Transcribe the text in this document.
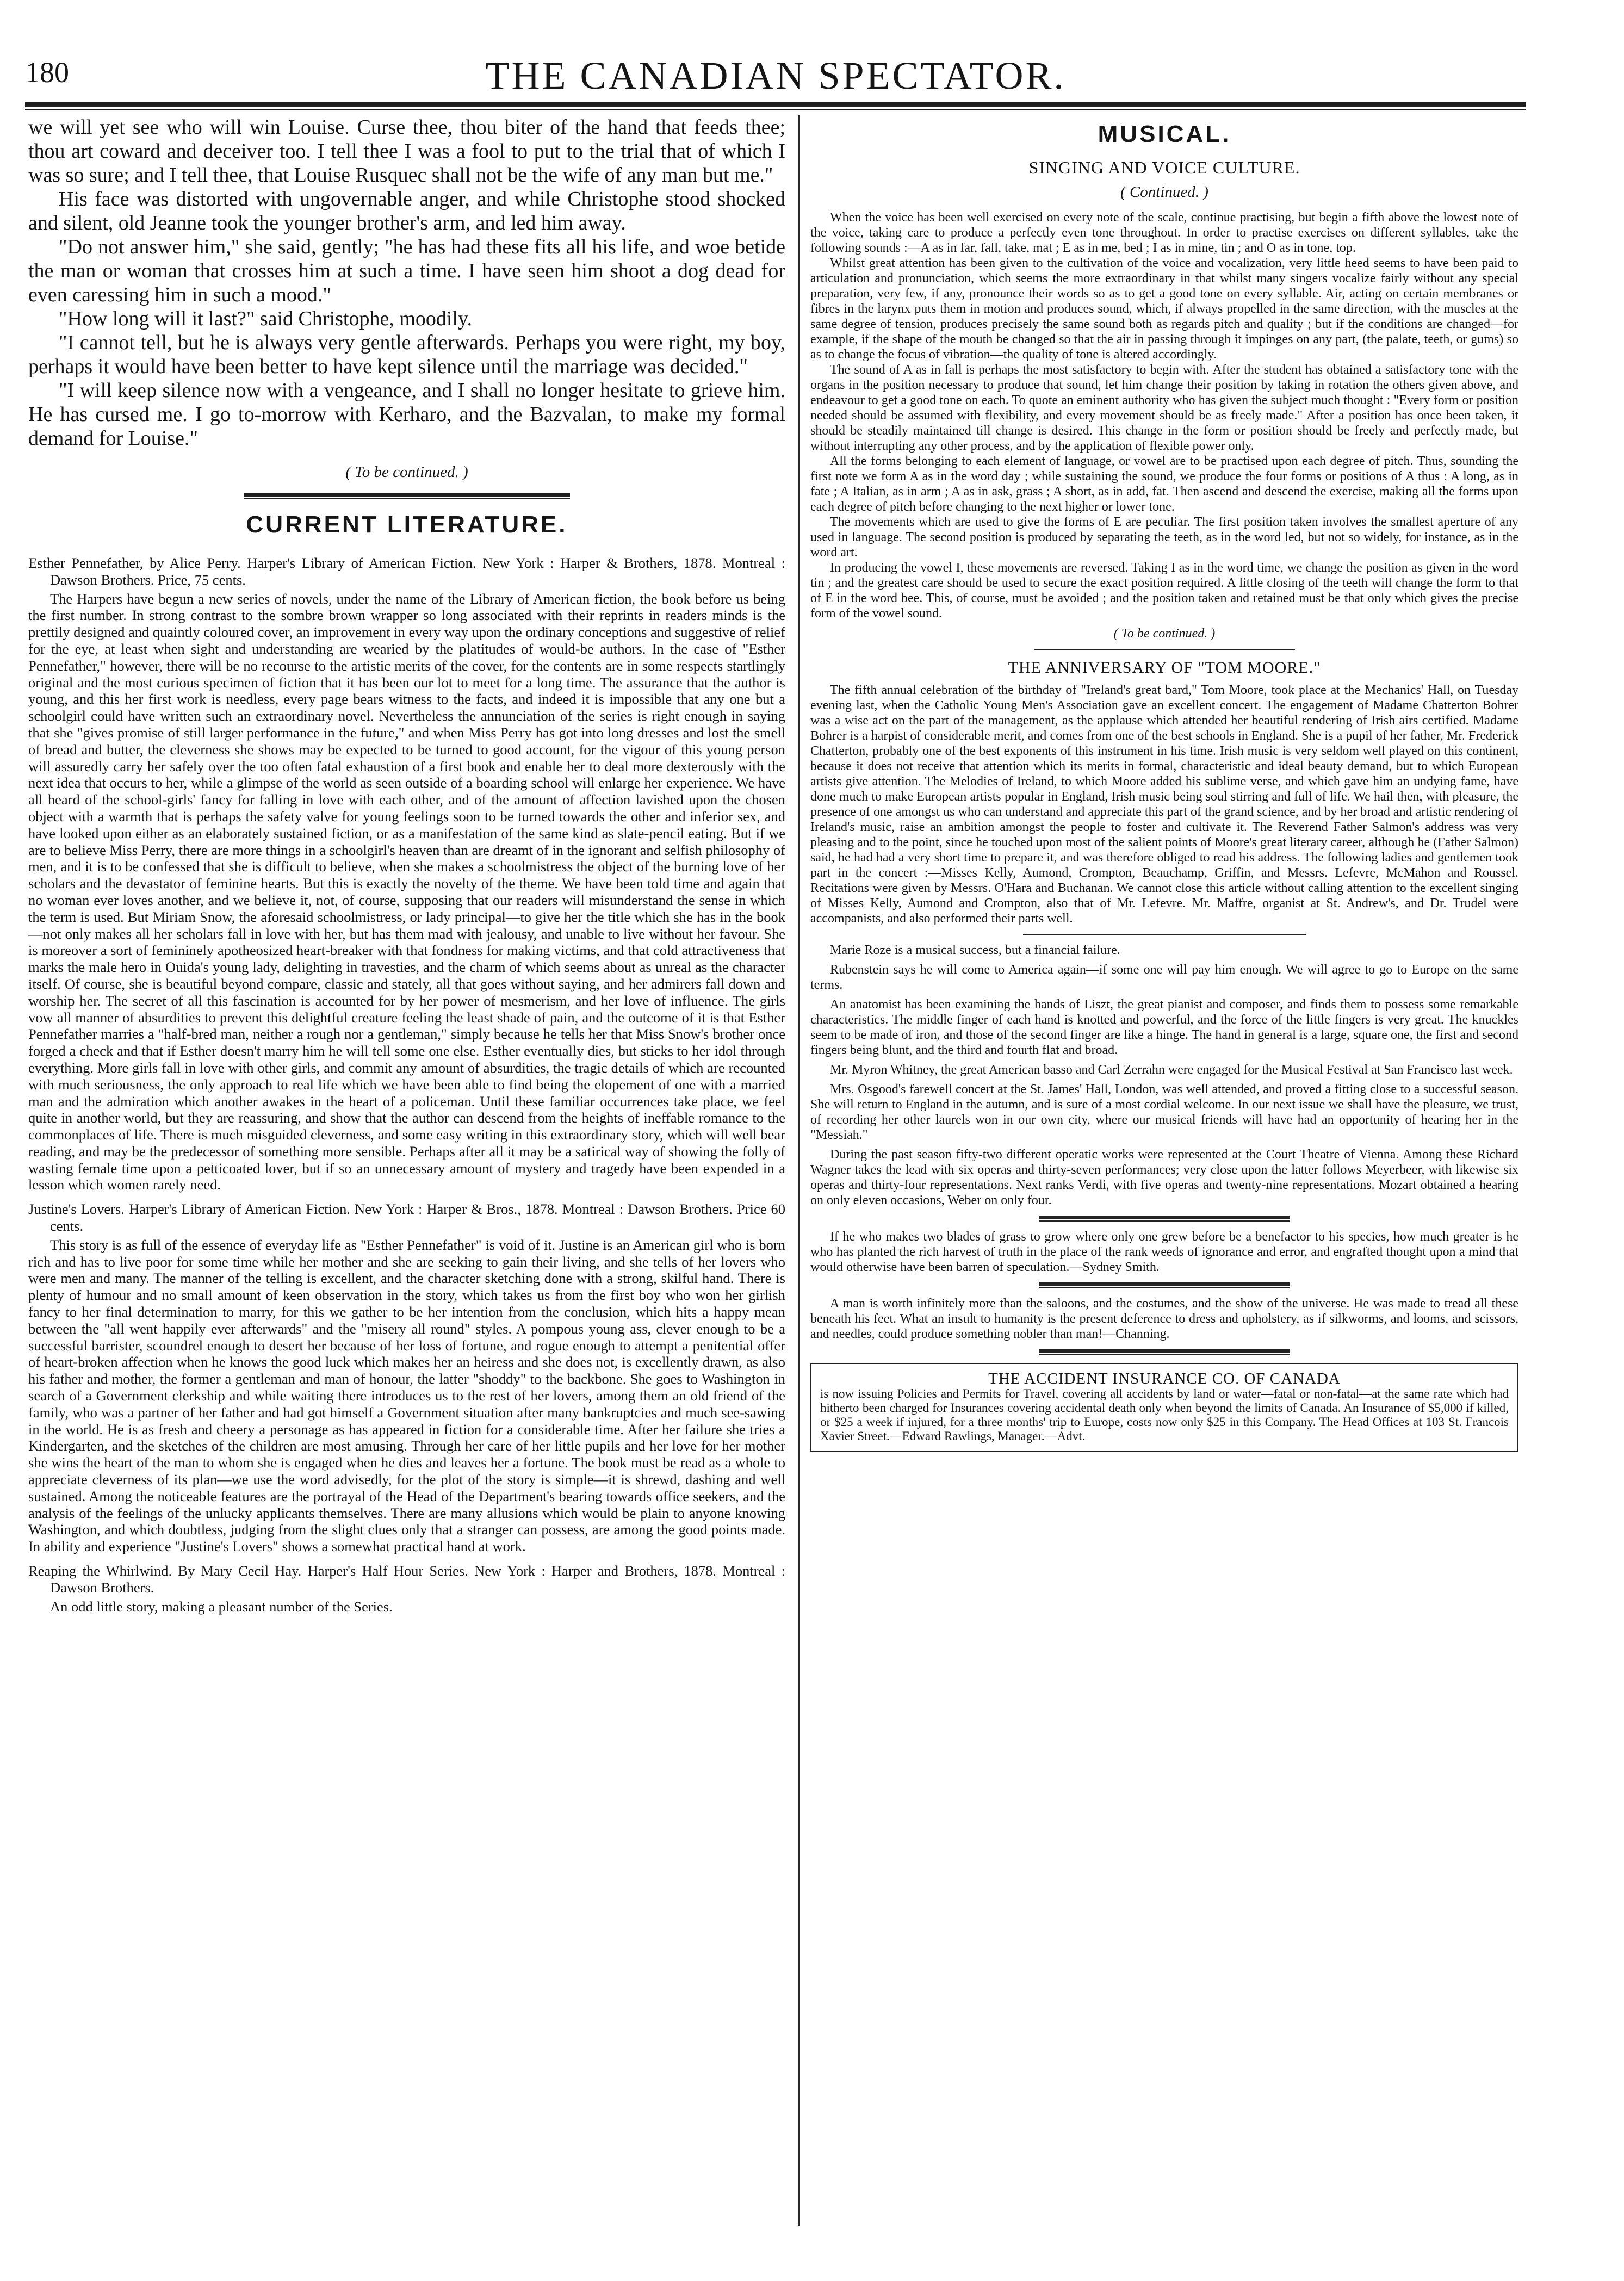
180	THE CANADIAN SPECTATOR.

we will yet see who will win Louise. Curse thee, thou biter of the hand that feeds thee; thou art coward and deceiver too. I tell thee I was a fool to put to the trial that of which I was so sure; and I tell thee, that Louise Rusquec shall not be the wife of any man but me."

His face was distorted with ungovernable anger, and while Christophe stood shocked and silent, old Jeanne took the younger brother's arm, and led him away.

"Do not answer him," she said, gently; "he has had these fits all his life, and woe betide the man or woman that crosses him at such a time. I have seen him shoot a dog dead for even caressing him in such a mood."

"How long will it last?" said Christophe, moodily.

"I cannot tell, but he is always very gentle afterwards. Perhaps you were right, my boy, perhaps it would have been better to have kept silence until the marriage was decided."

"I will keep silence now with a vengeance, and I shall no longer hesitate to grieve him. He has cursed me. I go to-morrow with Kerharo, and the Bazvalan, to make my formal demand for Louise."

( To be continued. )
CURRENT LITERATURE.

Esther Pennefather, by Alice Perry. Harper's Library of American Fiction. New York : Harper & Brothers, 1878. Montreal : Dawson Brothers. Price, 75 cents.

The Harpers have begun a new series of novels, under the name of the Library of American fiction, the book before us being the first number. In strong contrast to the sombre brown wrapper so long associated with their reprints in readers minds is the prettily designed and quaintly coloured cover, an improvement in every way upon the ordinary conceptions and suggestive of relief for the eye, at least when sight and understanding are wearied by the platitudes of would-be authors. In the case of "Esther Pennefather," however, there will be no recourse to the artistic merits of the cover, for the contents are in some respects startlingly original and the most curious specimen of fiction that it has been our lot to meet for a long time. The assurance that the author is young, and this her first work is needless, every page bears witness to the facts, and indeed it is impossible that any one but a schoolgirl could have written such an extraordinary novel. Nevertheless the annunciation of the series is right enough in saying that she "gives promise of still larger performance in the future," and when Miss Perry has got into long dresses and lost the smell of bread and butter, the cleverness she shows may be expected to be turned to good account, for the vigour of this young person will assuredly carry her safely over the too often fatal exhaustion of a first book and enable her to deal more dexterously with the next idea that occurs to her, while a glimpse of the world as seen outside of a boarding school will enlarge her experience. We have all heard of the school-girls' fancy for falling in love with each other, and of the amount of affection lavished upon the chosen object with a warmth that is perhaps the safety valve for young feelings soon to be turned towards the other and inferior sex, and have looked upon either as an elaborately sustained fiction, or as a manifestation of the same kind as slate-pencil eating. But if we are to believe Miss Perry, there are more things in a schoolgirl's heaven than are dreamt of in the ignorant and selfish philosophy of men, and it is to be confessed that she is difficult to believe, when she makes a schoolmistress the object of the burning love of her scholars and the devastator of feminine hearts. But this is exactly the novelty of the theme. We have been told time and again that no woman ever loves another, and we believe it, not, of course, supposing that our readers will misunderstand the sense in which the term is used. But Miriam Snow, the aforesaid schoolmistress, or lady principal—to give her the title which she has in the book—not only makes all her scholars fall in love with her, but has them mad with jealousy, and unable to live without her favour. She is moreover a sort of femininely apotheosized heart-breaker with that fondness for making victims, and that cold attractiveness that marks the male hero in Ouida's young lady, delighting in travesties, and the charm of which seems about as unreal as the character itself. Of course, she is beautiful beyond compare, classic and stately, all that goes without saying, and her admirers fall down and worship her. The secret of all this fascination is accounted for by her power of mesmerism, and her love of influence. The girls vow all manner of absurdities to prevent this delightful creature feeling the least shade of pain, and the outcome of it is that Esther Pennefather marries a "half-bred man, neither a rough nor a gentleman," simply because he tells her that Miss Snow's brother once forged a check and that if Esther doesn't marry him he will tell some one else. Esther eventually dies, but sticks to her idol through everything. More girls fall in love with other girls, and commit any amount of absurdities, the tragic details of which are recounted with much seriousness, the only approach to real life which we have been able to find being the elopement of one with a married man and the admiration which another awakes in the heart of a policeman. Until these familiar occurrences take place, we feel quite in another world, but they are reassuring, and show that the author can descend from the heights of ineffable romance to the commonplaces of life. There is much misguided cleverness, and some easy writing in this extraordinary story, which will well bear reading, and may be the predecessor of something more sensible. Perhaps after all it may be a satirical way of showing the folly of wasting female time upon a petticoated lover, but if so an unnecessary amount of mystery and tragedy have been expended in a lesson which women rarely need.

Justine's Lovers. Harper's Library of American Fiction. New York : Harper & Bros., 1878. Montreal : Dawson Brothers. Price 60 cents.

This story is as full of the essence of everyday life as "Esther Pennefather" is void of it. Justine is an American girl who is born rich and has to live poor for some time while her mother and she are seeking to gain their living, and she tells of her lovers who were men and many. The manner of the telling is excellent, and the character sketching done with a strong, skilful hand. There is plenty of humour and no small amount of keen observation in the story, which takes us from the first boy who won her girlish fancy to her final determination to marry, for this we gather to be her intention from the conclusion, which hits a happy mean between the "all went happily ever afterwards" and the "misery all round" styles. A pompous young ass, clever enough to be a successful barrister, scoundrel enough to desert her because of her loss of fortune, and rogue enough to attempt a penitential offer of heart-broken affection when he knows the good luck which makes her an heiress and she does not, is excellently drawn, as also his father and mother, the former a gentleman and man of honour, the latter "shoddy" to the backbone. She goes to Washington in search of a Government clerkship and while waiting there introduces us to the rest of her lovers, among them an old friend of the family, who was a partner of her father and had got himself a Government situation after many bankruptcies and much see-sawing in the world. He is as fresh and cheery a personage as has appeared in fiction for a considerable time. After her failure she tries a Kindergarten, and the sketches of the children are most amusing. Through her care of her little pupils and her love for her mother she wins the heart of the man to whom she is engaged when he dies and leaves her a fortune. The book must be read as a whole to appreciate cleverness of its plan—we use the word advisedly, for the plot of the story is simple—it is shrewd, dashing and well sustained. Among the noticeable features are the portrayal of the Head of the Department's bearing towards office seekers, and the analysis of the feelings of the unlucky applicants themselves. There are many allusions which would be plain to anyone knowing Washington, and which doubtless, judging from the slight clues only that a stranger can possess, are among the good points made. In ability and experience "Justine's Lovers" shows a somewhat practical hand at work.

Reaping the Whirlwind. By Mary Cecil Hay. Harper's Half Hour Series. New York : Harper and Brothers, 1878. Montreal : Dawson Brothers.

An odd little story, making a pleasant number of the Series.

MUSICAL.
SINGING AND VOICE CULTURE.
( Continued. )

When the voice has been well exercised on every note of the scale, continue practising, but begin a fifth above the lowest note of the voice, taking care to produce a perfectly even tone throughout. In order to practise exercises on different syllables, take the following sounds :—A as in far, fall, take, mat ; E as in me, bed ; I as in mine, tin ; and O as in tone, top.

Whilst great attention has been given to the cultivation of the voice and vocalization, very little heed seems to have been paid to articulation and pronunciation, which seems the more extraordinary in that whilst many singers vocalize fairly without any special preparation, very few, if any, pronounce their words so as to get a good tone on every syllable. Air, acting on certain membranes or fibres in the larynx puts them in motion and produces sound, which, if always propelled in the same direction, with the muscles at the same degree of tension, produces precisely the same sound both as regards pitch and quality ; but if the conditions are changed—for example, if the shape of the mouth be changed so that the air in passing through it impinges on any part, (the palate, teeth, or gums) so as to change the focus of vibration—the quality of tone is altered accordingly.

The sound of A as in fall is perhaps the most satisfactory to begin with. After the student has obtained a satisfactory tone with the organs in the position necessary to produce that sound, let him change their position by taking in rotation the others given above, and endeavour to get a good tone on each. To quote an eminent authority who has given the subject much thought : "Every form or position needed should be assumed with flexibility, and every movement should be as freely made." After a position has once been taken, it should be steadily maintained till change is desired. This change in the form or position should be freely and perfectly made, but without interrupting any other process, and by the application of flexible power only.

All the forms belonging to each element of language, or vowel are to be practised upon each degree of pitch. Thus, sounding the first note we form A as in the word day ; while sustaining the sound, we produce the four forms or positions of A thus : A long, as in fate ; A Italian, as in arm ; A as in ask, grass ; A short, as in add, fat. Then ascend and descend the exercise, making all the forms upon each degree of pitch before changing to the next higher or lower tone.

The movements which are used to give the forms of E are peculiar. The first position taken involves the smallest aperture of any used in language. The second position is produced by separating the teeth, as in the word led, but not so widely, for instance, as in the word art.

In producing the vowel I, these movements are reversed. Taking I as in the word time, we change the position as given in the word tin ; and the greatest care should be used to secure the exact position required. A little closing of the teeth will change the form to that of E in the word bee. This, of course, must be avoided ; and the position taken and retained must be that only which gives the precise form of the vowel sound.

( To be continued. )
THE ANNIVERSARY OF "TOM MOORE."

The fifth annual celebration of the birthday of "Ireland's great bard," Tom Moore, took place at the Mechanics' Hall, on Tuesday evening last, when the Catholic Young Men's Association gave an excellent concert. The engagement of Madame Chatterton Bohrer was a wise act on the part of the management, as the applause which attended her beautiful rendering of Irish airs certified. Madame Bohrer is a harpist of considerable merit, and comes from one of the best schools in England. She is a pupil of her father, Mr. Frederick Chatterton, probably one of the best exponents of this instrument in his time. Irish music is very seldom well played on this continent, because it does not receive that attention which its merits in formal, characteristic and ideal beauty demand, but to which European artists give attention. The Melodies of Ireland, to which Moore added his sublime verse, and which gave him an undying fame, have done much to make European artists popular in England, Irish music being soul stirring and full of life. We hail then, with pleasure, the presence of one amongst us who can understand and appreciate this part of the grand science, and by her broad and artistic rendering of Ireland's music, raise an ambition amongst the people to foster and cultivate it. The Reverend Father Salmon's address was very pleasing and to the point, since he touched upon most of the salient points of Moore's great literary career, although he (Father Salmon) said, he had had a very short time to prepare it, and was therefore obliged to read his address. The following ladies and gentlemen took part in the concert :—Misses Kelly, Aumond, Crompton, Beauchamp, Griffin, and Messrs. Lefevre, McMahon and Roussel. Recitations were given by Messrs. O'Hara and Buchanan. We cannot close this article without calling attention to the excellent singing of Misses Kelly, Aumond and Crompton, also that of Mr. Lefevre. Mr. Maffre, organist at St. Andrew's, and Dr. Trudel were accompanists, and also performed their parts well.

Marie Roze is a musical success, but a financial failure.

Rubenstein says he will come to America again—if some one will pay him enough. We will agree to go to Europe on the same terms.

An anatomist has been examining the hands of Liszt, the great pianist and composer, and finds them to possess some remarkable characteristics. The middle finger of each hand is knotted and powerful, and the force of the little fingers is very great. The knuckles seem to be made of iron, and those of the second finger are like a hinge. The hand in general is a large, square one, the first and second fingers being blunt, and the third and fourth flat and broad.

Mr. Myron Whitney, the great American basso and Carl Zerrahn were engaged for the Musical Festival at San Francisco last week.

Mrs. Osgood's farewell concert at the St. James' Hall, London, was well attended, and proved a fitting close to a successful season. She will return to England in the autumn, and is sure of a most cordial welcome. In our next issue we shall have the pleasure, we trust, of recording her other laurels won in our own city, where our musical friends will have had an opportunity of hearing her in the "Messiah."

During the past season fifty-two different operatic works were represented at the Court Theatre of Vienna. Among these Richard Wagner takes the lead with six operas and thirty-seven performances; very close upon the latter follows Meyerbeer, with likewise six operas and thirty-four representations. Next ranks Verdi, with five operas and twenty-nine representations. Mozart obtained a hearing on only eleven occasions, Weber on only four.

If he who makes two blades of grass to grow where only one grew before be a benefactor to his species, how much greater is he who has planted the rich harvest of truth in the place of the rank weeds of ignorance and error, and engrafted thought upon a mind that would otherwise have been barren of speculation.—Sydney Smith.

A man is worth infinitely more than the saloons, and the costumes, and the show of the universe. He was made to tread all these beneath his feet. What an insult to humanity is the present deference to dress and upholstery, as if silkworms, and looms, and scissors, and needles, could produce something nobler than man!—Channing.

THE ACCIDENT INSURANCE CO. OF CANADA

is now issuing Policies and Permits for Travel, covering all accidents by land or water—fatal or non-fatal—at the same rate which had hitherto been charged for Insurances covering accidental death only when beyond the limits of Canada. An Insurance of $5,000 if killed, or $25 a week if injured, for a three months' trip to Europe, costs now only $25 in this Company. The Head Offices at 103 St. Francois Xavier Street.—Edward Rawlings, Manager.—Advt.
